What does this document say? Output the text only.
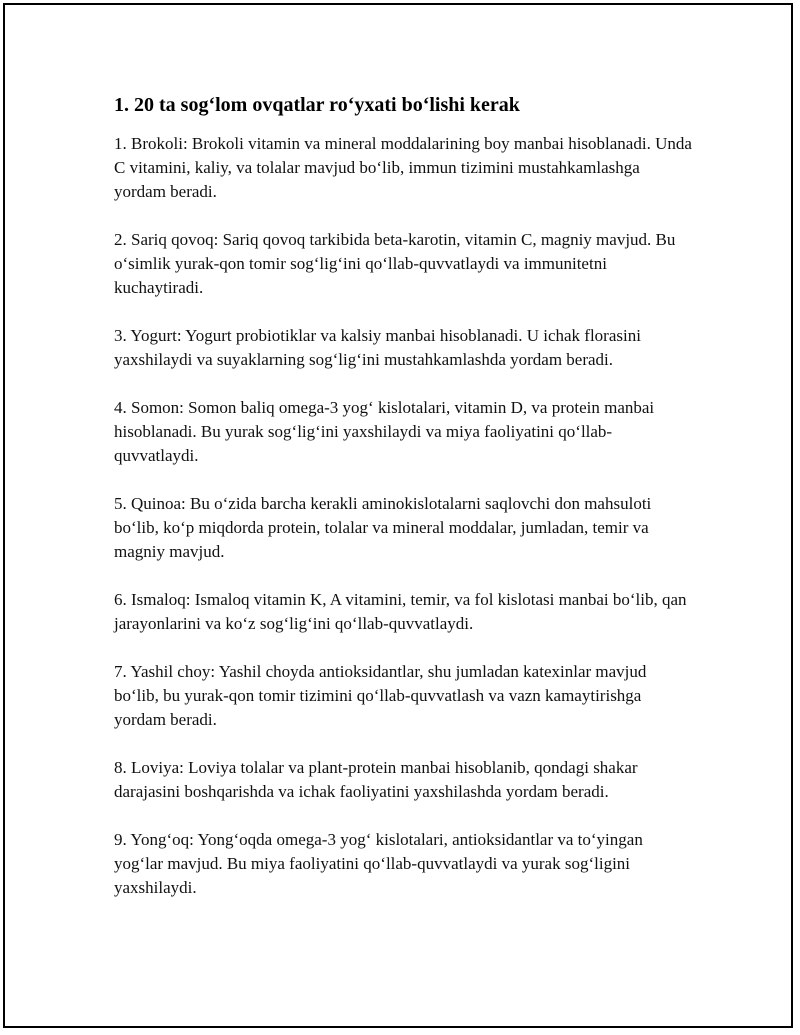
1. 20 ta sog‘lom ovqatlar ro‘yxati bo‘lishi kerak

1. Brokoli: Brokoli vitamin va mineral moddalarining boy manbai hisoblanadi. Unda C vitamini, kaliy, va tolalar mavjud bo‘lib, immun tizimini mustahkamlashga yordam beradi.

2. Sariq qovoq: Sariq qovoq tarkibida beta-karotin, vitamin C, magniy mavjud. Bu o‘simlik yurak-qon tomir sog‘lig‘ini qo‘llab-quvvatlaydi va immunitetni kuchaytiradi.

3. Yogurt: Yogurt probiotiklar va kalsiy manbai hisoblanadi. U ichak florasini yaxshilaydi va suyaklarning sog‘lig‘ini mustahkamlashda yordam beradi.

4. Somon: Somon baliq omega-3 yog‘ kislotalari, vitamin D, va protein manbai hisoblanadi. Bu yurak sog‘lig‘ini yaxshilaydi va miya faoliyatini qo‘llab-quvvatlaydi.

5. Quinoa: Bu o‘zida barcha kerakli aminokislotalarni saqlovchi don mahsuloti bo‘lib, ko‘p miqdorda protein, tolalar va mineral moddalar, jumladan, temir va magniy mavjud.

6. Ismaloq: Ismaloq vitamin K, A vitamini, temir, va fol kislotasi manbai bo‘lib, qan jarayonlarini va ko‘z sog‘lig‘ini qo‘llab-quvvatlaydi.

7. Yashil choy: Yashil choyda antioksidantlar, shu jumladan katexinlar mavjud bo‘lib, bu yurak-qon tomir tizimini qo‘llab-quvvatlash va vazn kamaytirishga yordam beradi.

8. Loviya: Loviya tolalar va plant-protein manbai hisoblanib, qondagi shakar darajasini boshqarishda va ichak faoliyatini yaxshilashda yordam beradi.

9. Yong‘oq: Yong‘oqda omega-3 yog‘ kislotalari, antioksidantlar va to‘yingan yog‘lar mavjud. Bu miya faoliyatini qo‘llab-quvvatlaydi va yurak sog‘ligini yaxshilaydi.
